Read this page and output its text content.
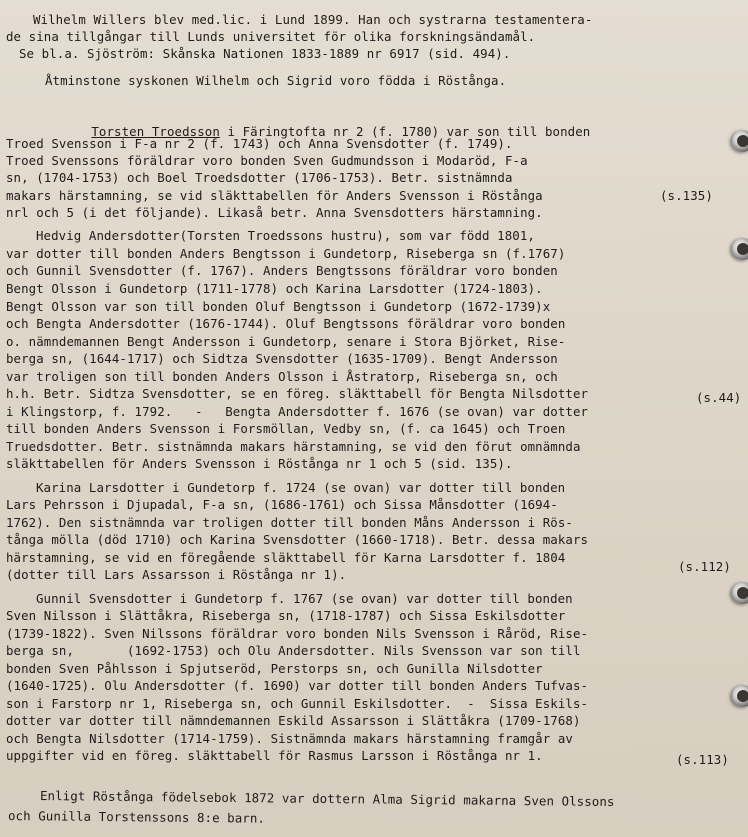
Wilhelm Willers blev med.lic. i Lund 1899. Han och systrarna testamentera-

de sina tillgångar till Lunds universitet för olika forskningsändamål.

Se bl.a. Sjöström: Skånska Nationen 1833-1889 nr 6917 (sid. 494).

Åtminstone syskonen Wilhelm och Sigrid voro födda i Röstånga.

Torsten Troedsson i Färingtofta nr 2 (f. 1780) var son till bonden

Troed Svensson i F-a nr 2 (f. 1743) och Anna Svensdotter (f. 1749).

Troed Svenssons föräldrar voro bonden Sven Gudmundsson i Modaröd, F-a

sn, (1704-1753) och Boel Troedsdotter (1706-1753). Betr. sistnämnda

makars härstamning, se vid släkttabellen för Anders Svensson i Röstånga

nrl och 5 (i det följande). Likaså betr. Anna Svensdotters härstamning.

(s.135)

Hedvig Andersdotter(Torsten Troedssons hustru), som var född 1801,

var dotter till bonden Anders Bengtsson i Gundetorp, Riseberga sn (f.1767)

och Gunnil Svensdotter (f. 1767). Anders Bengtssons föräldrar voro bonden

Bengt Olsson i Gundetorp (1711-1778) och Karina Larsdotter (1724-1803).

Bengt Olsson var son till bonden Oluf Bengtsson i Gundetorp (1672-1739)x

och Bengta Andersdotter (1676-1744). Oluf Bengtssons föräldrar voro bonden

o. nämndemannen Bengt Andersson i Gundetorp, senare i Stora Björket, Rise-

berga sn, (1644-1717) och Sidtza Svensdotter (1635-1709). Bengt Andersson

var troligen son till bonden Anders Olsson i Åstratorp, Riseberga sn, och

h.h. Betr. Sidtza Svensdotter, se en föreg. släkttabell för Bengta Nilsdotter

i Klingstorp, f. 1792.   -   Bengta Andersdotter f. 1676 (se ovan) var dotter

till bonden Anders Svensson i Forsmöllan, Vedby sn, (f. ca 1645) och Troen

Truedsdotter. Betr. sistnämnda makars härstamning, se vid den förut omnämnda

släkttabellen för Anders Svensson i Röstånga nr 1 och 5 (sid. 135).

(s.44)

Karina Larsdotter i Gundetorp f. 1724 (se ovan) var dotter till bonden

Lars Pehrsson i Djupadal, F-a sn, (1686-1761) och Sissa Månsdotter (1694-

1762). Den sistnämnda var troligen dotter till bonden Måns Andersson i Rös-

tånga mölla (död 1710) och Karina Svensdotter (1660-1718). Betr. dessa makars

härstamning, se vid en föregående släkttabell för Karna Larsdotter f. 1804

(dotter till Lars Assarsson i Röstånga nr 1).

(s.112)

Gunnil Svensdotter i Gundetorp f. 1767 (se ovan) var dotter till bonden

Sven Nilsson i Slättåkra, Riseberga sn, (1718-1787) och Sissa Eskilsdotter

(1739-1822). Sven Nilssons föräldrar voro bonden Nils Svensson i Råröd, Rise-

berga sn,       (1692-1753) och Olu Andersdotter. Nils Svensson var son till

bonden Sven Påhlsson i Spjutseröd, Perstorps sn, och Gunilla Nilsdotter

(1640-1725). Olu Andersdotter (f. 1690) var dotter till bonden Anders Tufvas-

son i Farstorp nr 1, Riseberga sn, och Gunnil Eskilsdotter.  -  Sissa Eskils-

dotter var dotter till nämndemannen Eskild Assarsson i Slättåkra (1709-1768)

och Bengta Nilsdotter (1714-1759). Sistnämnda makars härstamning framgår av

uppgifter vid en föreg. släkttabell för Rasmus Larsson i Röstånga nr 1.

	(s.113)

Enligt Röstånga födelsebok 1872 var dottern Alma Sigrid makarna Sven Olssons

och Gunilla Torstenssons 8:e barn.
